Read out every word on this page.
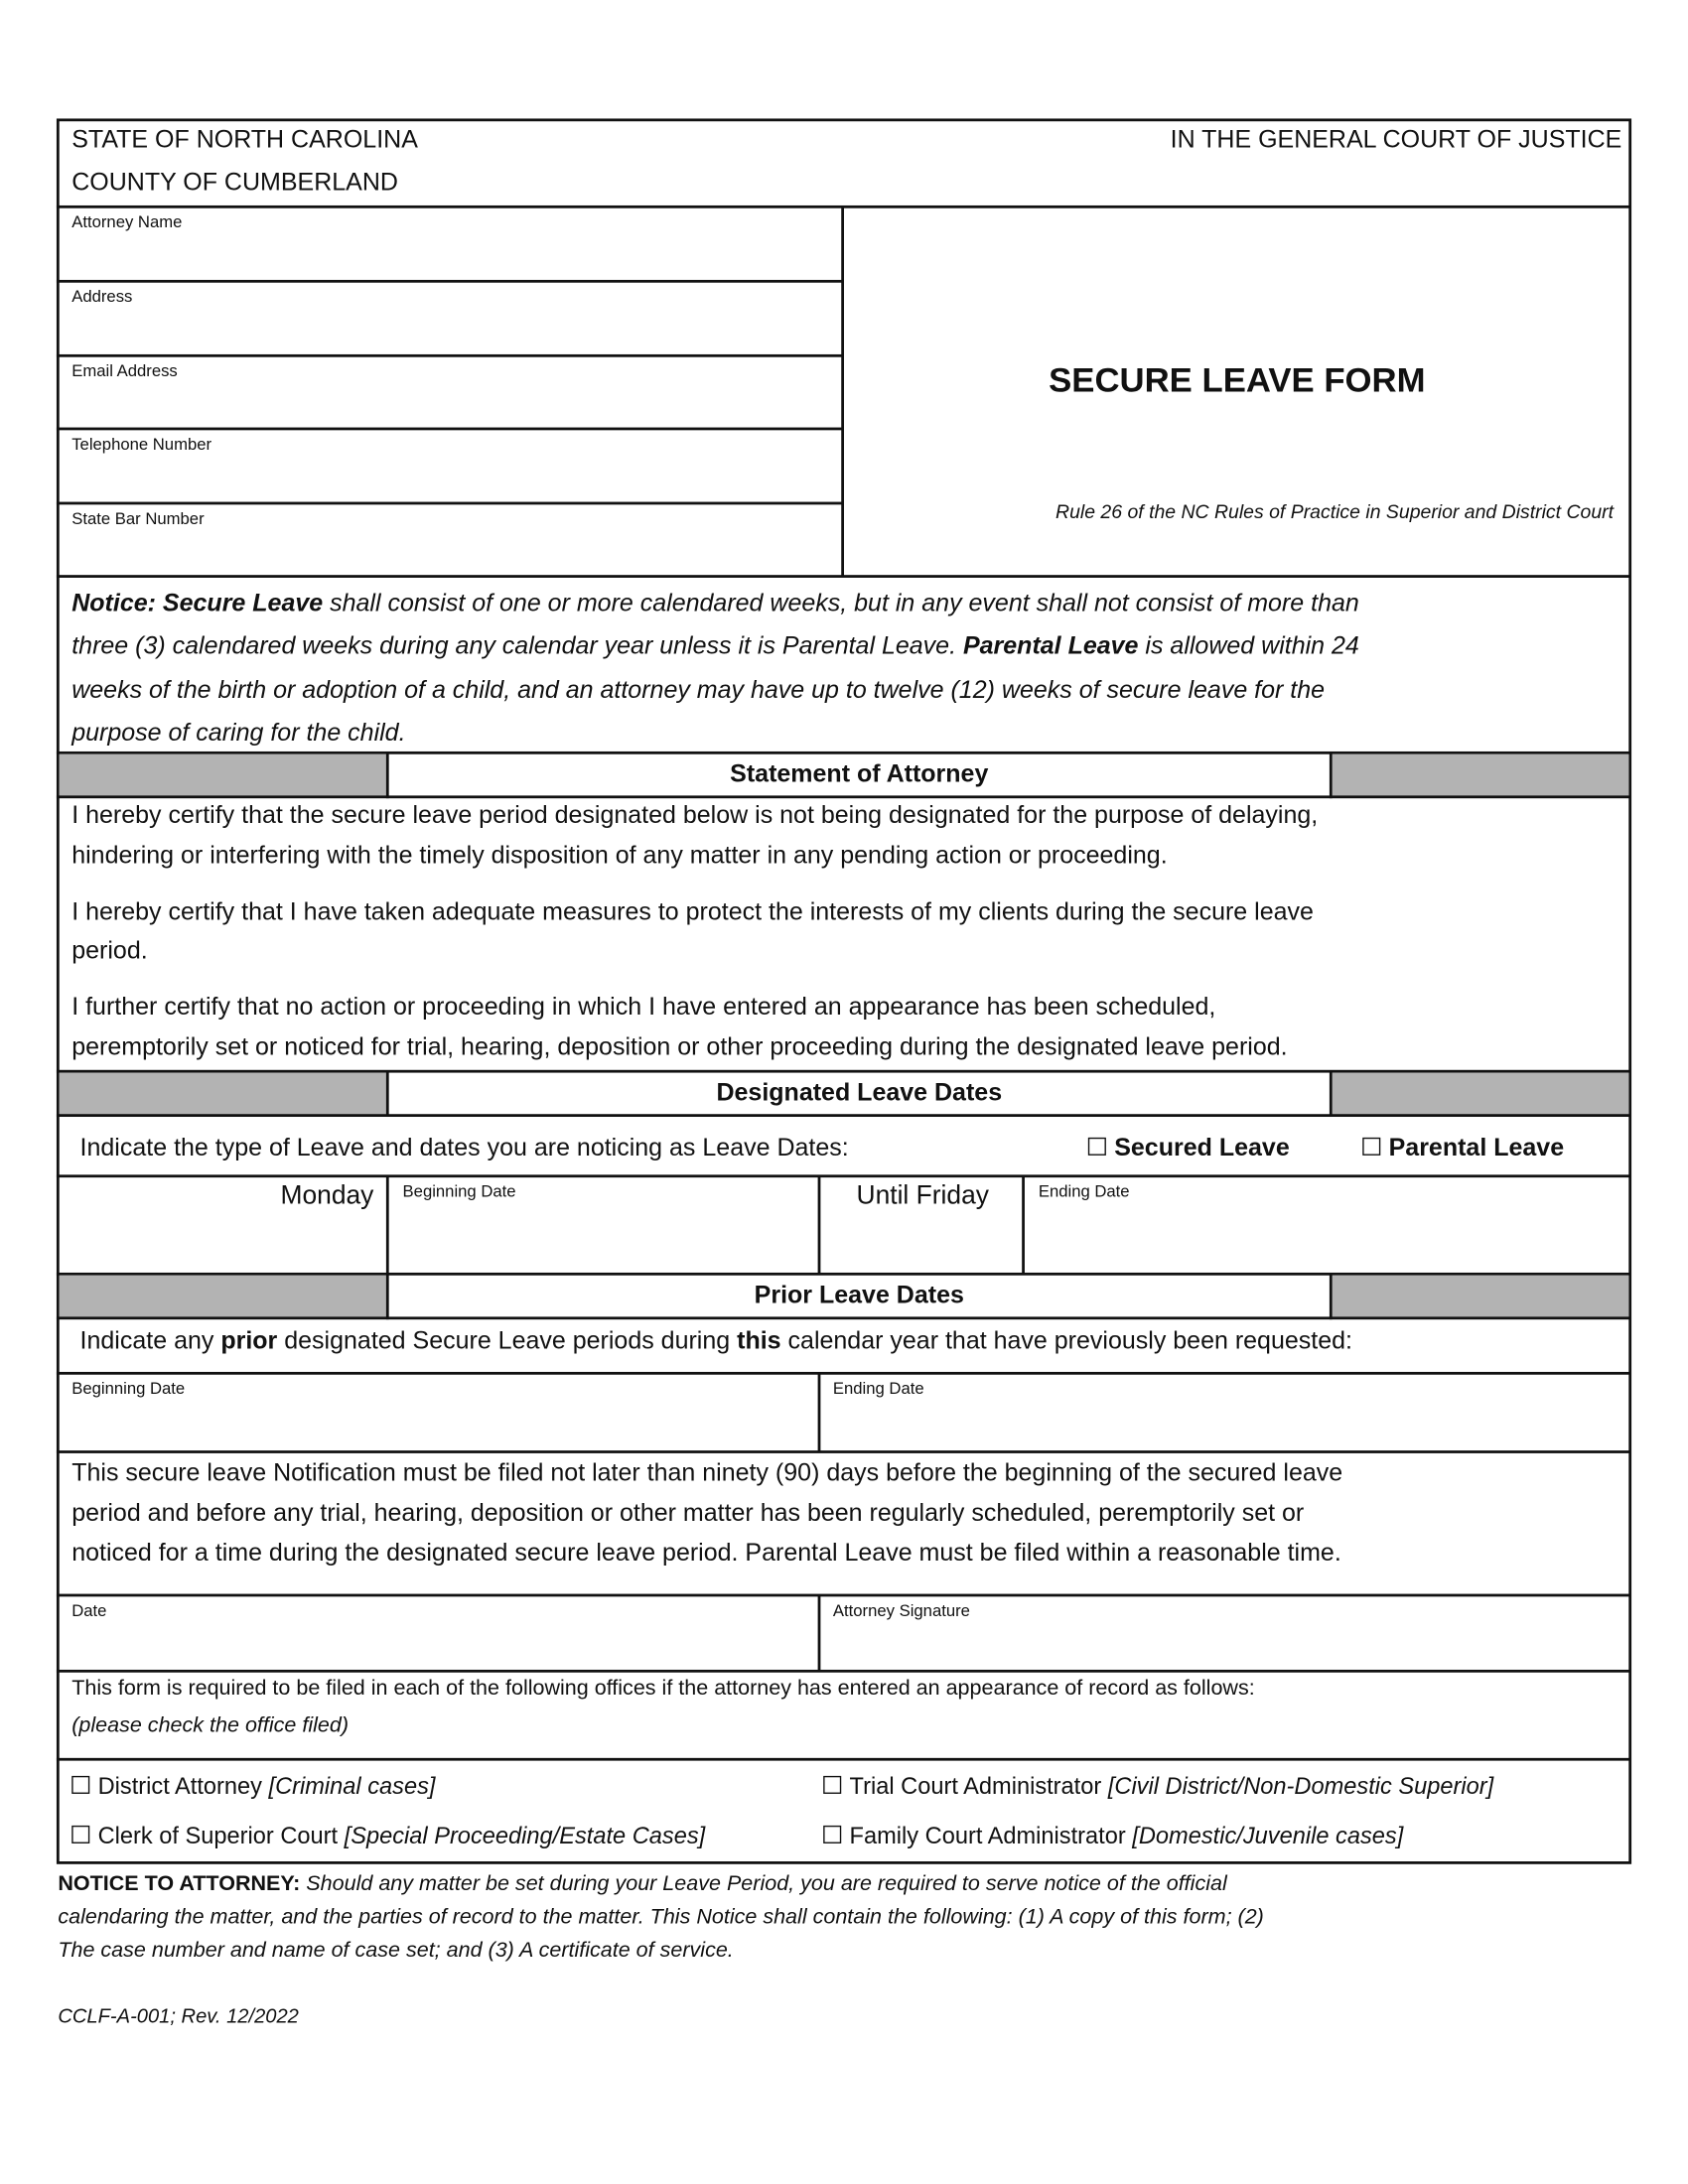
STATE OF NORTH CAROLINA
COUNTY OF CUMBERLAND
IN THE GENERAL COURT OF JUSTICE
Attorney Name
Address
Email Address
Telephone Number
State Bar Number
SECURE LEAVE FORM
Rule 26 of the NC Rules of Practice in Superior and District Court
Notice: Secure Leave shall consist of one or more calendared weeks, but in any event shall not consist of more than
three (3) calendared weeks during any calendar year unless it is Parental Leave. Parental Leave is allowed within 24
weeks of the birth or adoption of a child, and an attorney may have up to twelve (12) weeks of secure leave for the
purpose of caring for the child.
Statement of Attorney
I hereby certify that the secure leave period designated below is not being designated for the purpose of delaying,
hindering or interfering with the timely disposition of any matter in any pending action or proceeding.
I hereby certify that I have taken adequate measures to protect the interests of my clients during the secure leave
period.
I further certify that no action or proceeding in which I have entered an appearance has been scheduled,
peremptorily set or noticed for trial, hearing, deposition or other proceeding during the designated leave period.
Designated Leave Dates
Indicate the type of Leave and dates you are noticing as Leave Dates:	Secured Leave	Parental Leave
Monday Beginning Date	Until Friday	Ending Date
Prior Leave Dates
Indicate any prior designated Secure Leave periods during this calendar year that have previously been requested:
Beginning Date	Ending Date
This secure leave Notification must be filed not later than ninety (90) days before the beginning of the secured leave
period and before any trial, hearing, deposition or other matter has been regularly scheduled, peremptorily set or
noticed for a time during the designated secure leave period. Parental Leave must be filed within a reasonable time.
Date	Attorney Signature
This form is required to be filed in each of the following offices if the attorney has entered an appearance of record as follows:
(please check the office filed)
District Attorney [Criminal cases]	Trial Court Administrator [Civil District/Non-Domestic Superior]
Clerk of Superior Court [Special Proceeding/Estate Cases]	Family Court Administrator [Domestic/Juvenile cases]
NOTICE TO ATTORNEY: Should any matter be set during your Leave Period, you are required to serve notice of the official
calendaring the matter, and the parties of record to the matter. This Notice shall contain the following: (1) A copy of this form; (2)
The case number and name of case set; and (3) A certificate of service.
CCLF-A-001; Rev. 12/2022
